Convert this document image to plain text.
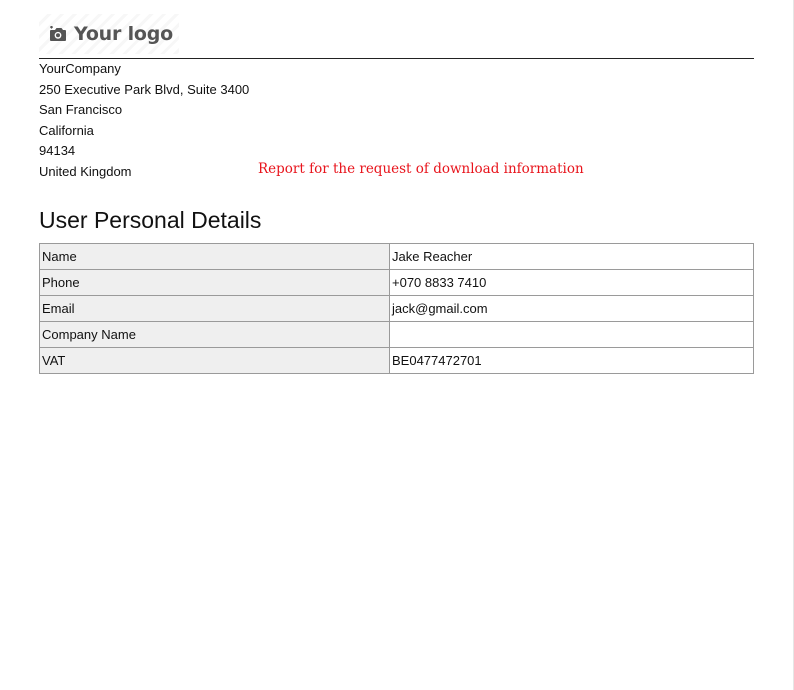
Your logo
YourCompany
250 Executive Park Blvd, Suite 3400
San Francisco
California
94134
United Kingdom	Report for the request of download information
User Personal Details
Name	Jake Reacher
Phone	+070 8833 7410
Email	jack@gmail.com
Company Name	
VAT	BE0477472701
